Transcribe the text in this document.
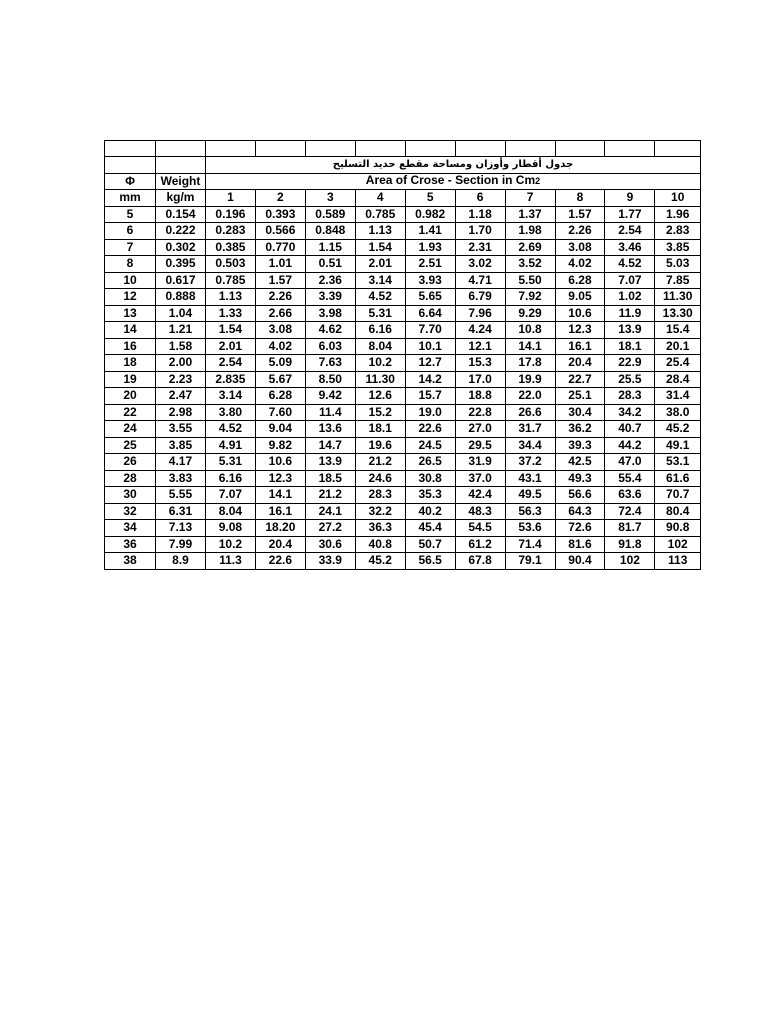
		جدول أقطار وأوزان ومساحة مقطع حديد التسليح									
Φ	Weight	Area of Crose - Section in Cm2									
mm	kg/m	1	2	3	4	5	6	7	8	9	10
5	0.154	0.196	0.393	0.589	0.785	0.982	1.18	1.37	1.57	1.77	1.96
6	0.222	0.283	0.566	0.848	1.13	1.41	1.70	1.98	2.26	2.54	2.83
7	0.302	0.385	0.770	1.15	1.54	1.93	2.31	2.69	3.08	3.46	3.85
8	0.395	0.503	1.01	0.51	2.01	2.51	3.02	3.52	4.02	4.52	5.03
10	0.617	0.785	1.57	2.36	3.14	3.93	4.71	5.50	6.28	7.07	7.85
12	0.888	1.13	2.26	3.39	4.52	5.65	6.79	7.92	9.05	1.02	11.30
13	1.04	1.33	2.66	3.98	5.31	6.64	7.96	9.29	10.6	11.9	13.30
14	1.21	1.54	3.08	4.62	6.16	7.70	4.24	10.8	12.3	13.9	15.4
16	1.58	2.01	4.02	6.03	8.04	10.1	12.1	14.1	16.1	18.1	20.1
18	2.00	2.54	5.09	7.63	10.2	12.7	15.3	17.8	20.4	22.9	25.4
19	2.23	2.835	5.67	8.50	11.30	14.2	17.0	19.9	22.7	25.5	28.4
20	2.47	3.14	6.28	9.42	12.6	15.7	18.8	22.0	25.1	28.3	31.4
22	2.98	3.80	7.60	11.4	15.2	19.0	22.8	26.6	30.4	34.2	38.0
24	3.55	4.52	9.04	13.6	18.1	22.6	27.0	31.7	36.2	40.7	45.2
25	3.85	4.91	9.82	14.7	19.6	24.5	29.5	34.4	39.3	44.2	49.1
26	4.17	5.31	10.6	13.9	21.2	26.5	31.9	37.2	42.5	47.0	53.1
28	3.83	6.16	12.3	18.5	24.6	30.8	37.0	43.1	49.3	55.4	61.6
30	5.55	7.07	14.1	21.2	28.3	35.3	42.4	49.5	56.6	63.6	70.7
32	6.31	8.04	16.1	24.1	32.2	40.2	48.3	56.3	64.3	72.4	80.4
34	7.13	9.08	18.20	27.2	36.3	45.4	54.5	53.6	72.6	81.7	90.8
36	7.99	10.2	20.4	30.6	40.8	50.7	61.2	71.4	81.6	91.8	102
38	8.9	11.3	22.6	33.9	45.2	56.5	67.8	79.1	90.4	102	113
